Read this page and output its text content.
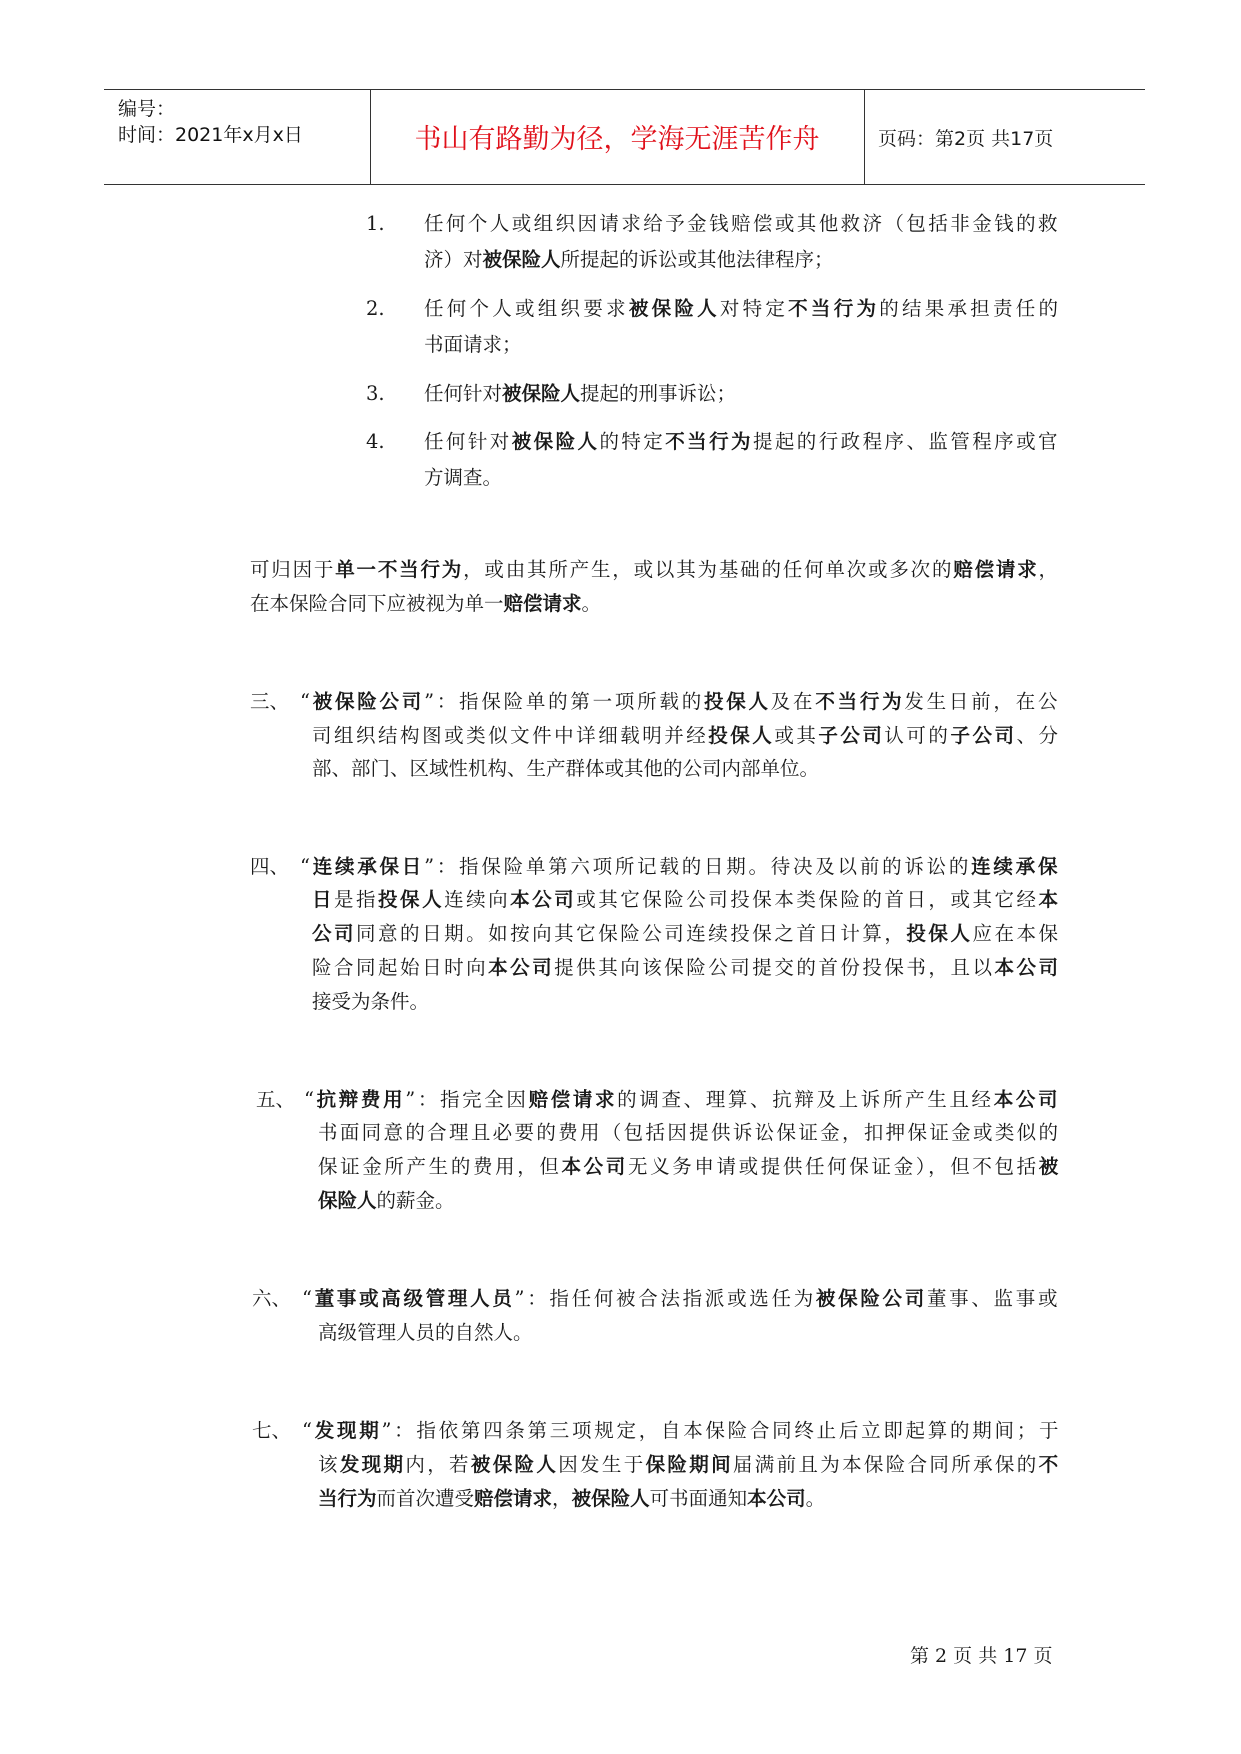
编号：
时间：2021年x月x日	书山有路勤为径，学海无涯苦作舟	页码：第2页 共17页
1. 任何个人或组织因请求给予金钱赔偿或其他救济（包括非金钱的救
济）对被保险人所提起的诉讼或其他法律程序；
2. 任何个人或组织要求被保险人对特定不当行为的结果承担责任的
书面请求；
3. 任何针对被保险人提起的刑事诉讼；
4. 任何针对被保险人的特定不当行为提起的行政程序、监管程序或官
方调查。
可归因于单一不当行为，或由其所产生，或以其为基础的任何单次或多次的赔偿请求，
在本保险合同下应被视为单一赔偿请求。
三、 “被保险公司”：指保险单的第一项所载的投保人及在不当行为发生日前，在公
司组织结构图或类似文件中详细载明并经投保人或其子公司认可的子公司、分
部、部门、区域性机构、生产群体或其他的公司内部单位。
四、 “连续承保日”：指保险单第六项所记载的日期。待决及以前的诉讼的连续承保
日是指投保人连续向本公司或其它保险公司投保本类保险的首日，或其它经本
公司同意的日期。如按向其它保险公司连续投保之首日计算，投保人应在本保
险合同起始日时向本公司提供其向该保险公司提交的首份投保书，且以本公司
接受为条件。
五、 “抗辩费用”：指完全因赔偿请求的调查、理算、抗辩及上诉所产生且经本公司
书面同意的合理且必要的费用（包括因提供诉讼保证金，扣押保证金或类似的
保证金所产生的费用，但本公司无义务申请或提供任何保证金），但不包括被
保险人的薪金。
六、 “董事或高级管理人员”：指任何被合法指派或选任为被保险公司董事、监事或
高级管理人员的自然人。
七、 “发现期”：指依第四条第三项规定，自本保险合同终止后立即起算的期间；于
该发现期内，若被保险人因发生于保险期间届满前且为本保险合同所承保的不
当行为而首次遭受赔偿请求，被保险人可书面通知本公司。
第 2 页 共 17 页
